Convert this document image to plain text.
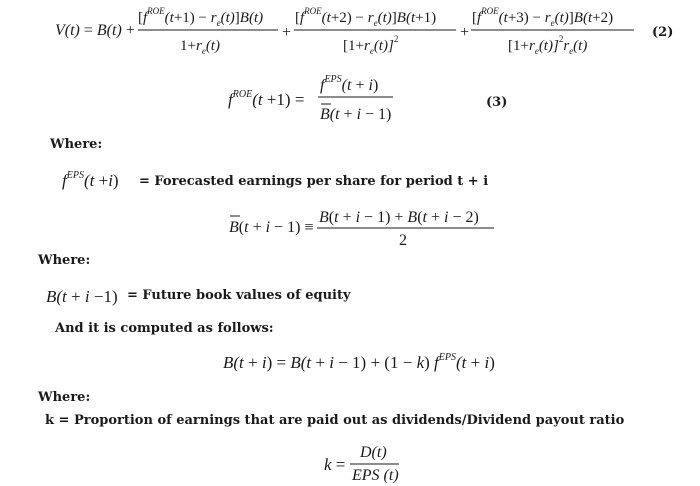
V(t) = B(t) +
$[f^{ROE}(t+1) - r_e(t)]B(t)$
$1+r_e(t)$
+
$[f^{ROE}(t+2) - r_e(t)]B(t+1)$
$[1+r_e(t)]^2$	+
$[f^{ROE}(t+3) - r_e(t)]B(t+2)$
$[1+r_e(t)]^2r_e(t)$
(2)
$f^{ROE}(t +1)$ =
$f^{EPS}(t + i)$
B(t + i − 1)
(3)
Where:
$f^{EPS}(t +i)$ = Forecasted earnings per share for period t + i
B(t + i − 1) ≡
B(t + i − 1) + B(t + i − 2)
2
Where:
B(t + i −1) = Future book values of equity
And it is computed as follows:
B(t + i) = B(t + i − 1) + (1 − k) $f^{EPS}(t + i)$
Where:
k = Proportion of earnings that are paid out as dividends/Dividend payout ratio
k =
D(t)
EPS (t)
